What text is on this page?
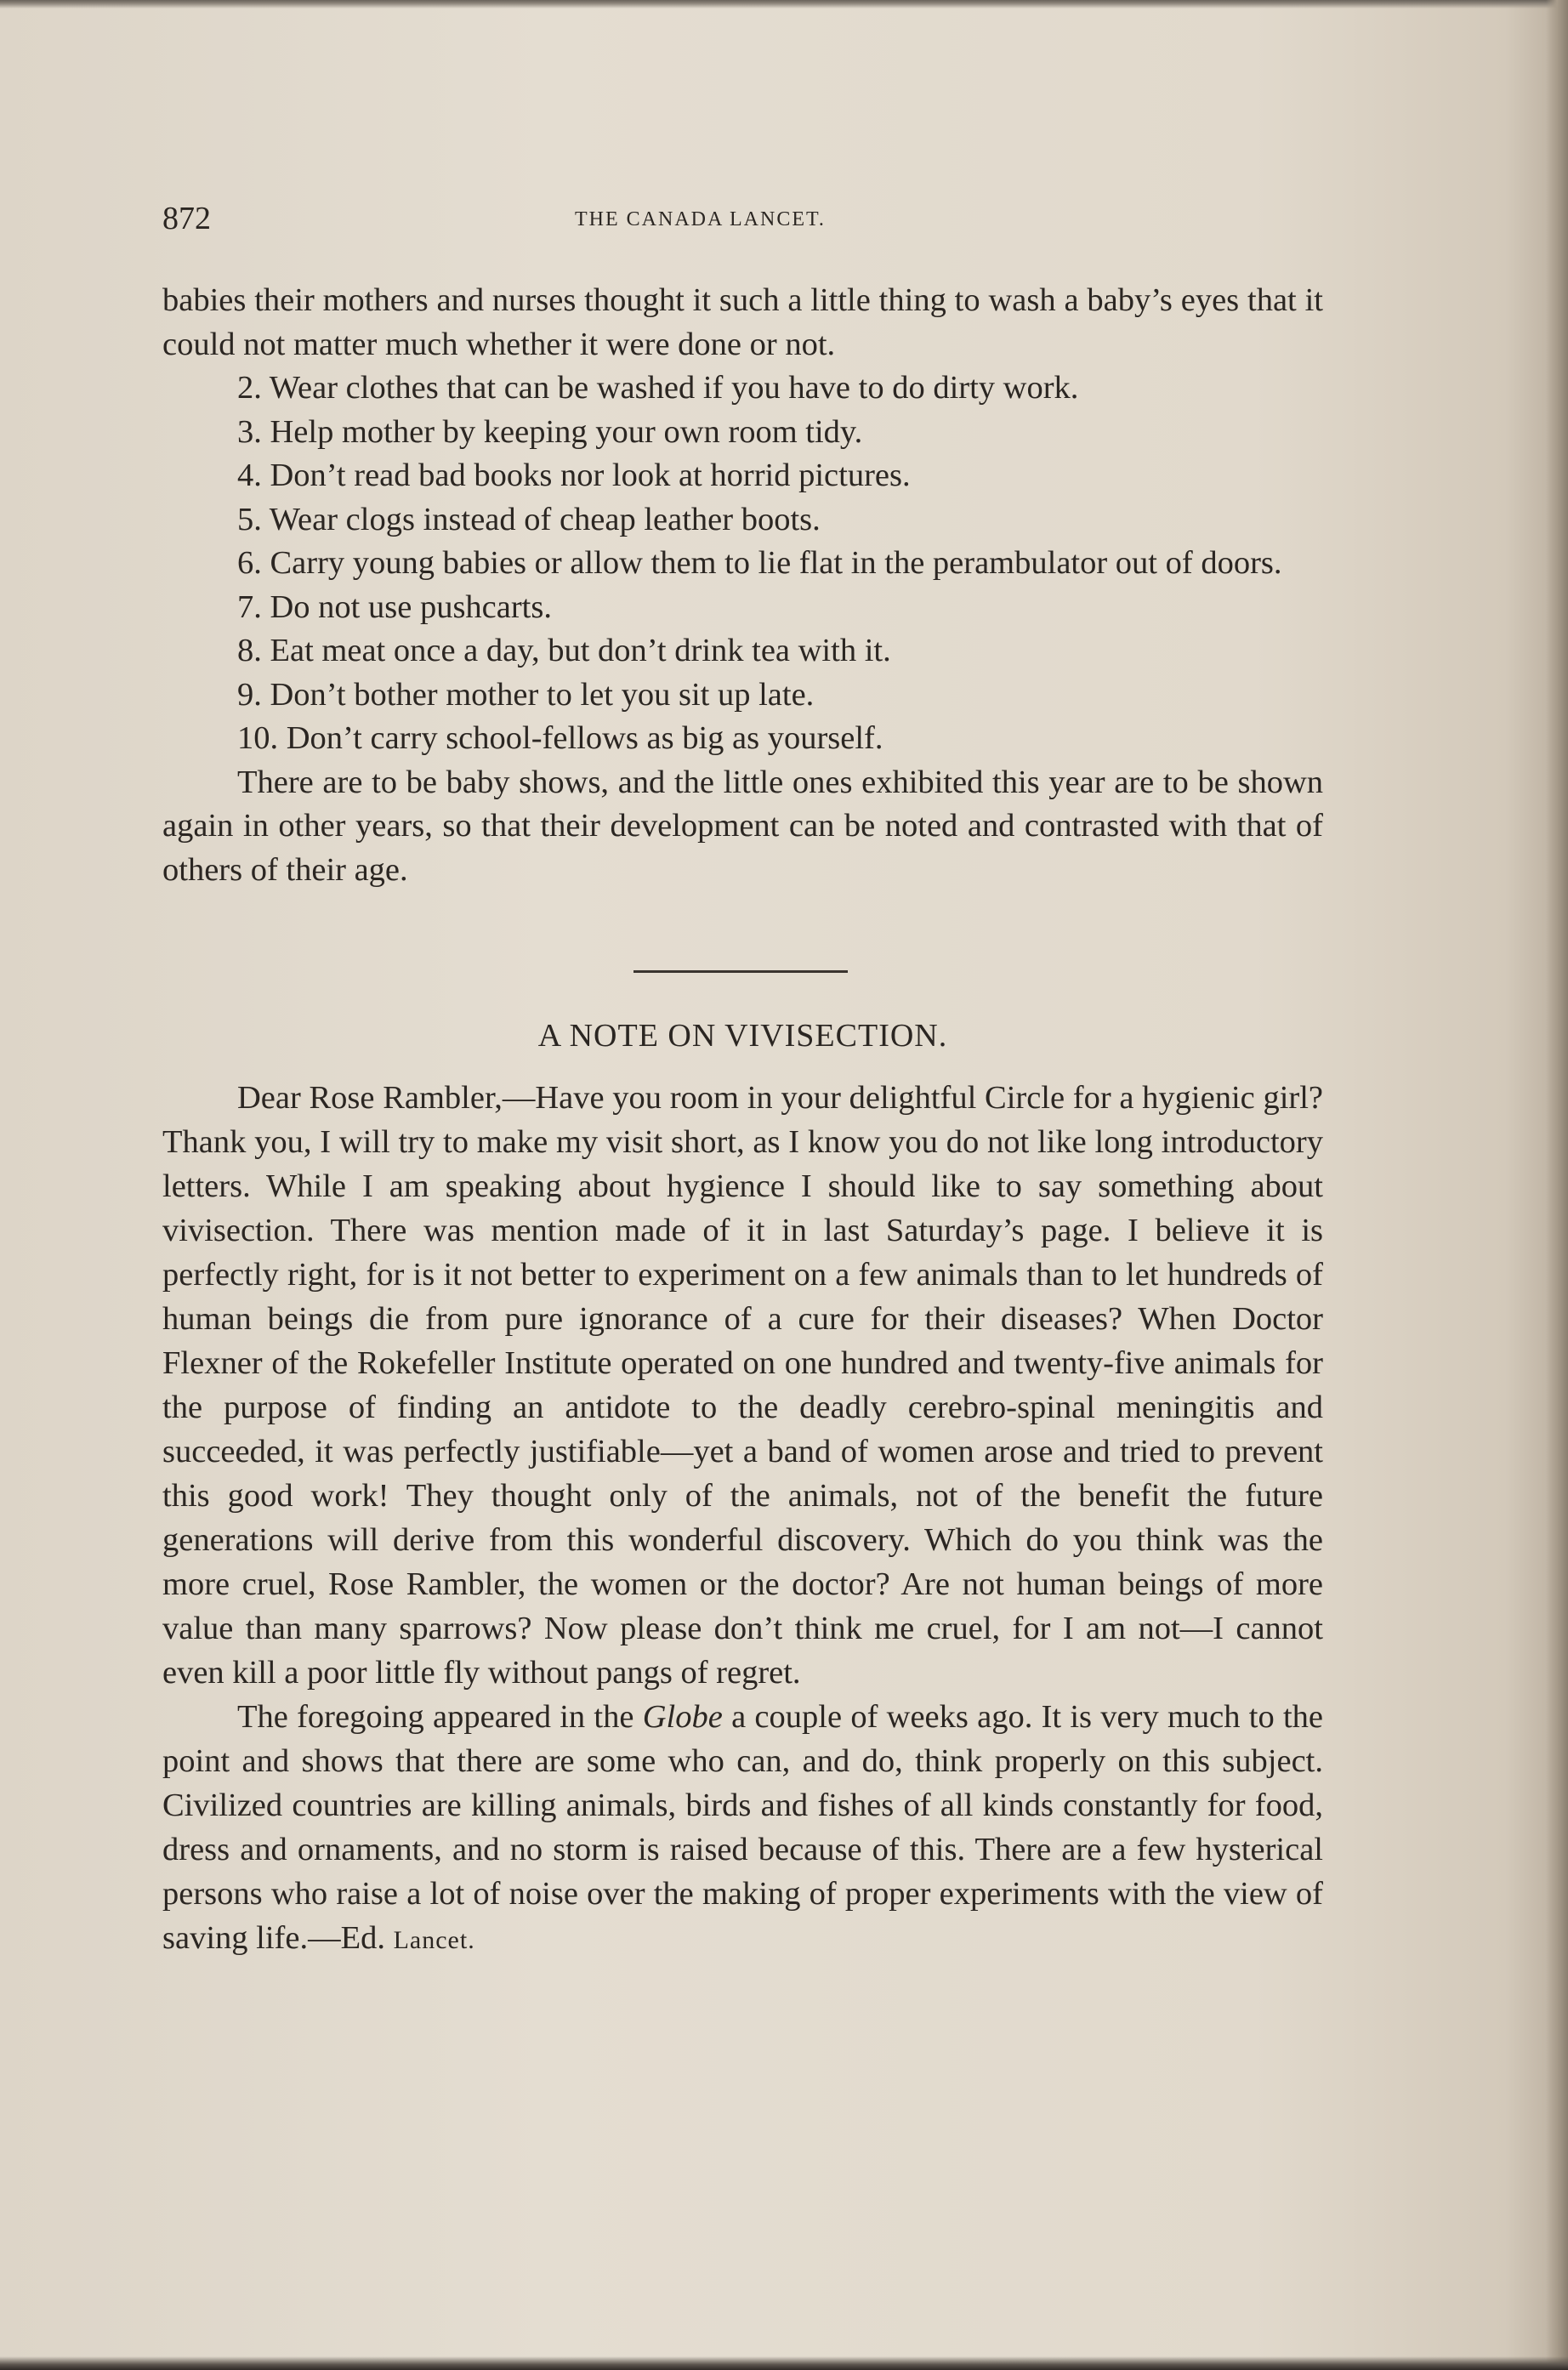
872	THE CANADA LANCET.

babies their mothers and nurses thought it such a little thing to wash a baby’s eyes that it could not matter much whether it were done or not.

2. Wear clothes that can be washed if you have to do dirty work.

3. Help mother by keeping your own room tidy.

4. Don’t read bad books nor look at horrid pictures.

5. Wear clogs instead of cheap leather boots.

6. Carry young babies or allow them to lie flat in the perambulator out of doors.

7. Do not use pushcarts.

8. Eat meat once a day, but don’t drink tea with it.

9. Don’t bother mother to let you sit up late.

10. Don’t carry school-fellows as big as yourself.

There are to be baby shows, and the little ones exhibited this year are to be shown again in other years, so that their development can be noted and contrasted with that of others of their age.

A NOTE ON VIVISECTION.

Dear Rose Rambler,—Have you room in your delightful Circle for a hygienic girl? Thank you, I will try to make my visit short, as I know you do not like long introductory letters. While I am speaking about hygience I should like to say something about vivisection. There was mention made of it in last Saturday’s page. I believe it is perfectly right, for is it not better to experiment on a few animals than to let hundreds of human beings die from pure ignorance of a cure for their diseases? When Doctor Flexner of the Rokefeller Institute operated on one hundred and twenty-five animals for the purpose of finding an antidote to the deadly cerebro-spinal meningitis and succeeded, it was perfectly justifiable—yet a band of women arose and tried to prevent this good work! They thought only of the animals, not of the benefit the future generations will derive from this wonderful discovery. Which do you think was the more cruel, Rose Rambler, the women or the doctor? Are not human beings of more value than many sparrows? Now please don’t think me cruel, for I am not—I cannot even kill a poor little fly without pangs of regret.

The foregoing appeared in the Globe a couple of weeks ago. It is very much to the point and shows that there are some who can, and do, think properly on this subject. Civilized countries are killing animals, birds and fishes of all kinds constantly for food, dress and ornaments, and no storm is raised because of this. There are a few hysterical persons who raise a lot of noise over the making of proper experiments with the view of saving life.—Ed. Lancet.
